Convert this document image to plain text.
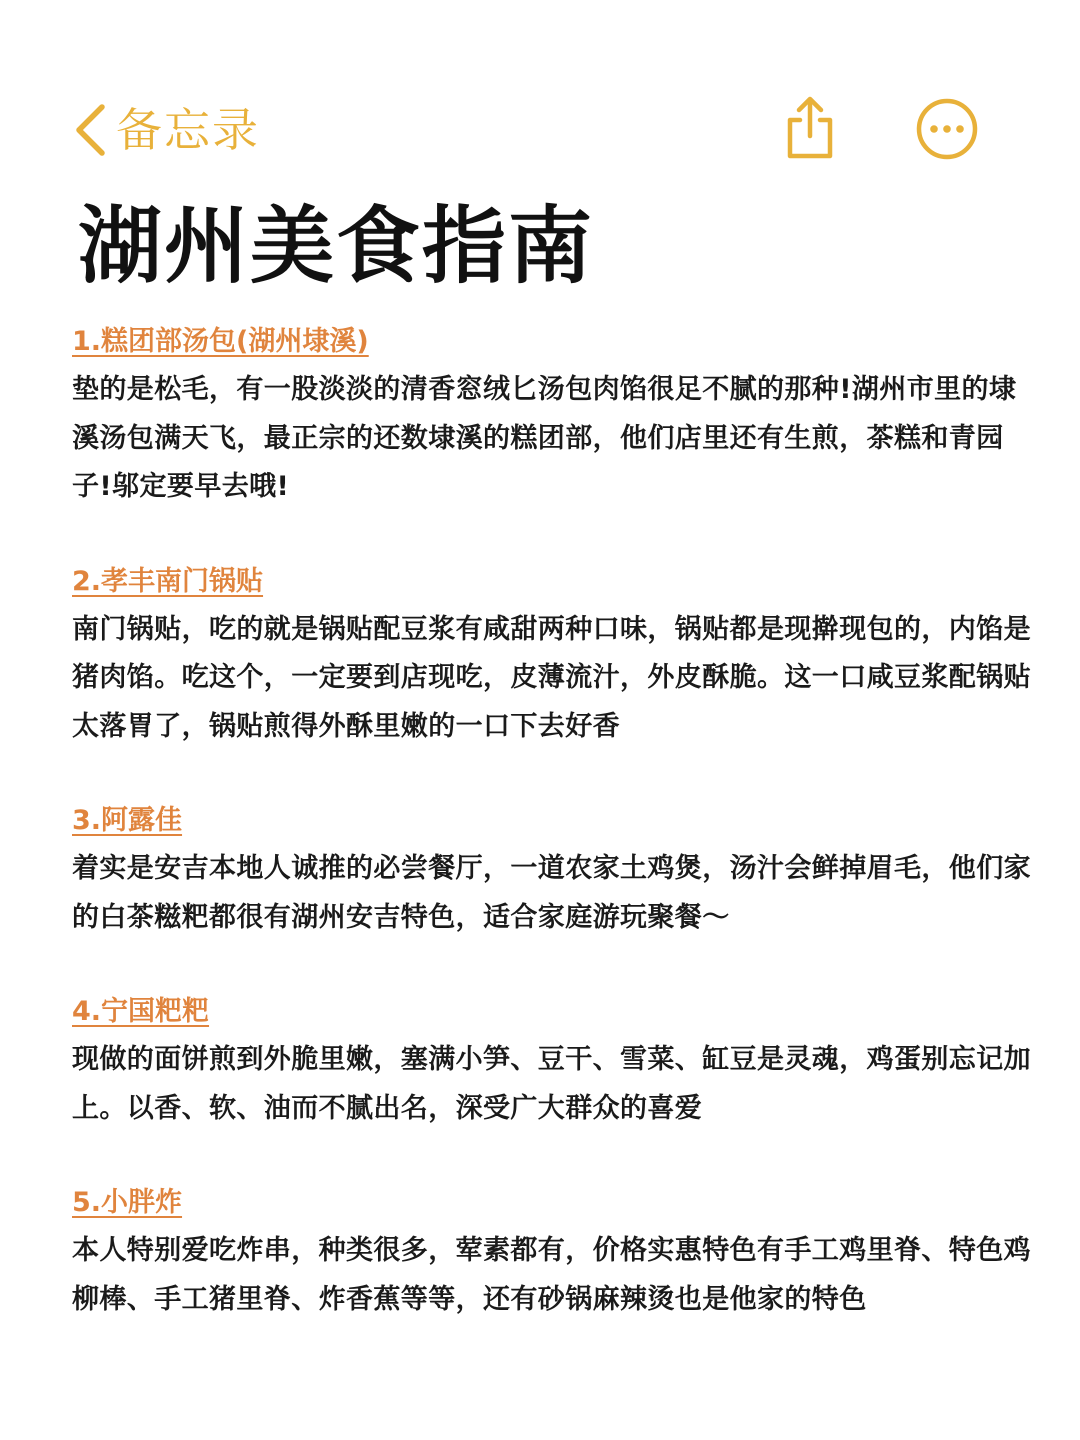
备忘录
湖州美食指南
1.糕团部汤包(湖州埭溪)
垫的是松毛，有一股淡淡的清香窓绒匕汤包肉馅很足不腻的那种!湖州市里的埭溪汤包满天飞，最正宗的还数埭溪的糕团部，他们店里还有生煎，茶糕和青园子!邬定要早去哦!
2.孝丰南门锅贴
南门锅贴，吃的就是锅贴配豆浆有咸甜两种口味，锅贴都是现擀现包的，内馅是猪肉馅。吃这个，一定要到店现吃，皮薄流汁，外皮酥脆。这一口咸豆浆配锅贴太落胃了，锅贴煎得外酥里嫩的一口下去好香
3.阿露佳
着实是安吉本地人诚推的必尝餐厅，一道农家土鸡煲，汤汁会鲜掉眉毛，他们家的白茶糍粑都很有湖州安吉特色，适合家庭游玩聚餐～
4.宁国粑粑
现做的面饼煎到外脆里嫩，塞满小笋、豆干、雪菜、缸豆是灵魂，鸡蛋别忘记加上。以香、软、油而不腻出名，深受广大群众的喜爱
5.小胖炸
本人特别爱吃炸串，种类很多，荤素都有，价格实惠特色有手工鸡里脊、特色鸡柳棒、手工猪里脊、炸香蕉等等，还有砂锅麻辣烫也是他家的特色
